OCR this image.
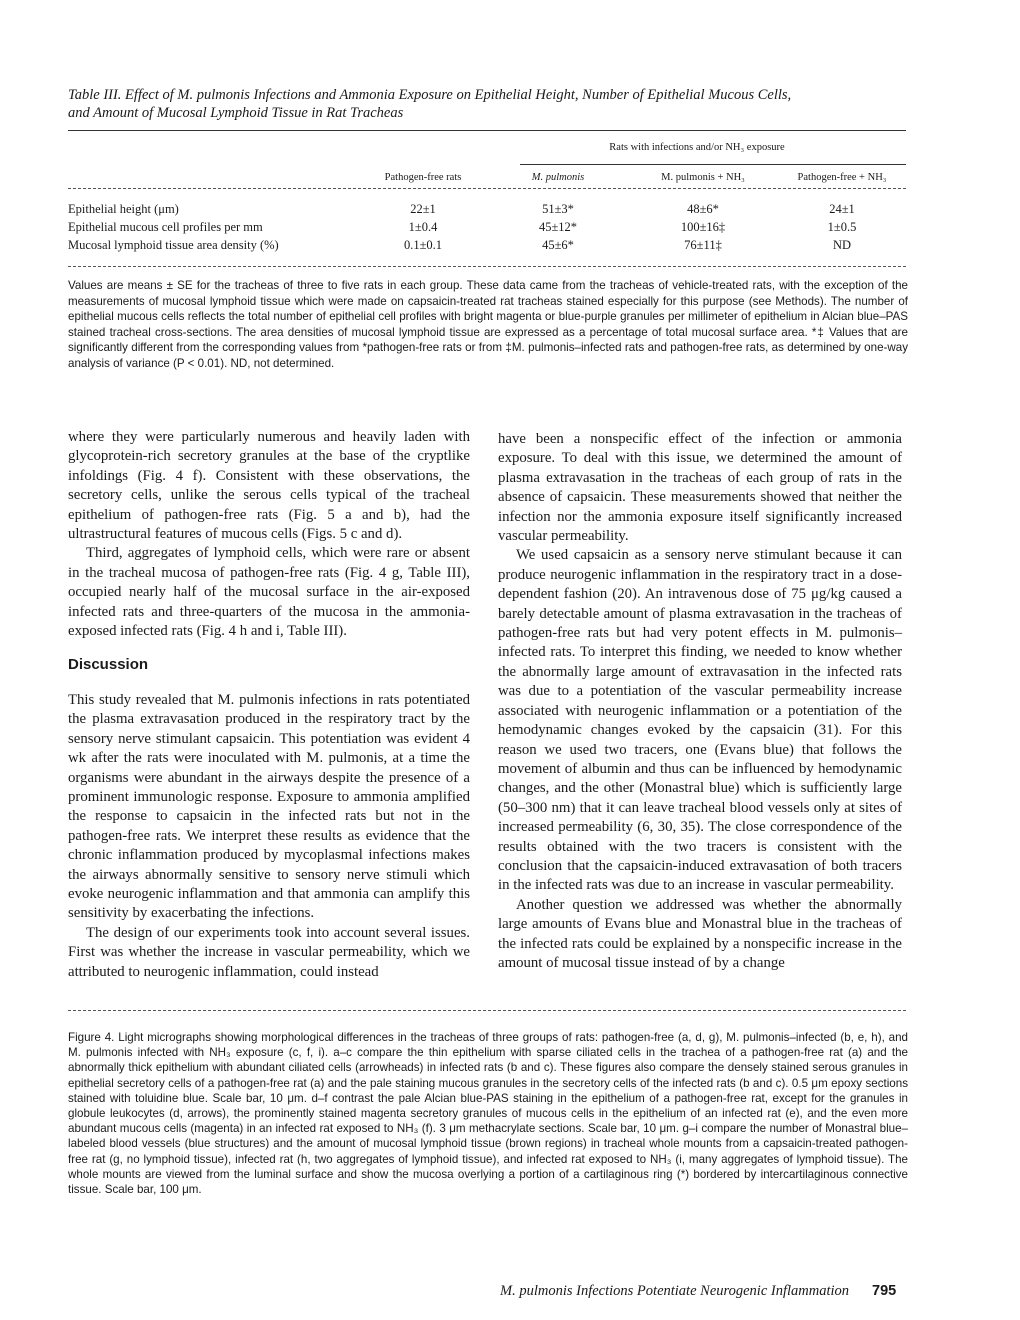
Table III. Effect of M. pulmonis Infections and Ammonia Exposure on Epithelial Height, Number of Epithelial Mucous Cells,
and Amount of Mucosal Lymphoid Tissue in Rat Tracheas
		Rats with infections and/or NH₃ exposure		
	Pathogen-free rats	M. pulmonis	M. pulmonis + NH₃	Pathogen-free + NH₃

Epithelial height (μm)	22±1	51±3*	48±6*	24±1
Epithelial mucous cell profiles per mm	1±0.4	45±12*	100±16‡	1±0.5
Mucosal lymphoid tissue area density (%)	0.1±0.1	45±6*	76±11‡	ND
Values are means ± SE for the tracheas of three to five rats in each group. These data came from the tracheas of vehicle-treated rats, with the exception of the measurements of mucosal lymphoid tissue which were made on capsaicin-treated rat tracheas stained especially for this purpose (see Methods). The number of epithelial mucous cells reflects the total number of epithelial cell profiles with bright magenta or blue-purple granules per millimeter of epithelium in Alcian blue–PAS stained tracheal cross-sections. The area densities of mucosal lymphoid tissue are expressed as a percentage of total mucosal surface area. *‡ Values that are significantly different from the corresponding values from *pathogen-free rats or from ‡M. pulmonis–infected rats and pathogen-free rats, as determined by one-way analysis of variance (P < 0.01). ND, not determined.

where they were particularly numerous and heavily laden with glycoprotein-rich secretory granules at the base of the cryptlike infoldings (Fig. 4 f). Consistent with these observations, the secretory cells, unlike the serous cells typical of the tracheal epithelium of pathogen-free rats (Fig. 5 a and b), had the ultrastructural features of mucous cells (Figs. 5 c and d).

Third, aggregates of lymphoid cells, which were rare or absent in the tracheal mucosa of pathogen-free rats (Fig. 4 g, Table III), occupied nearly half of the mucosal surface in the air-exposed infected rats and three-quarters of the mucosa in the ammonia-exposed infected rats (Fig. 4 h and i, Table III).

Discussion

This study revealed that M. pulmonis infections in rats potentiated the plasma extravasation produced in the respiratory tract by the sensory nerve stimulant capsaicin. This potentiation was evident 4 wk after the rats were inoculated with M. pulmonis, at a time the organisms were abundant in the airways despite the presence of a prominent immunologic response. Exposure to ammonia amplified the response to capsaicin in the infected rats but not in the pathogen-free rats. We interpret these results as evidence that the chronic inflammation produced by mycoplasmal infections makes the airways abnormally sensitive to sensory nerve stimuli which evoke neurogenic inflammation and that ammonia can amplify this sensitivity by exacerbating the infections.

The design of our experiments took into account several issues. First was whether the increase in vascular permeability, which we attributed to neurogenic inflammation, could instead

have been a nonspecific effect of the infection or ammonia exposure. To deal with this issue, we determined the amount of plasma extravasation in the tracheas of each group of rats in the absence of capsaicin. These measurements showed that neither the infection nor the ammonia exposure itself significantly increased vascular permeability.

We used capsaicin as a sensory nerve stimulant because it can produce neurogenic inflammation in the respiratory tract in a dose-dependent fashion (20). An intravenous dose of 75 μg/kg caused a barely detectable amount of plasma extravasation in the tracheas of pathogen-free rats but had very potent effects in M. pulmonis–infected rats. To interpret this finding, we needed to know whether the abnormally large amount of extravasation in the infected rats was due to a potentiation of the vascular permeability increase associated with neurogenic inflammation or a potentiation of the hemodynamic changes evoked by the capsaicin (31). For this reason we used two tracers, one (Evans blue) that follows the movement of albumin and thus can be influenced by hemodynamic changes, and the other (Monastral blue) which is sufficiently large (50–300 nm) that it can leave tracheal blood vessels only at sites of increased permeability (6, 30, 35). The close correspondence of the results obtained with the two tracers is consistent with the conclusion that the capsaicin-induced extravasation of both tracers in the infected rats was due to an increase in vascular permeability.

Another question we addressed was whether the abnormally large amounts of Evans blue and Monastral blue in the tracheas of the infected rats could be explained by a nonspecific increase in the amount of mucosal tissue instead of by a change

Figure 4. Light micrographs showing morphological differences in the tracheas of three groups of rats: pathogen-free (a, d, g), M. pulmonis–infected (b, e, h), and M. pulmonis infected with NH₃ exposure (c, f, i). a–c compare the thin epithelium with sparse ciliated cells in the trachea of a pathogen-free rat (a) and the abnormally thick epithelium with abundant ciliated cells (arrowheads) in infected rats (b and c). These figures also compare the densely stained serous granules in epithelial secretory cells of a pathogen-free rat (a) and the pale staining mucous granules in the secretory cells of the infected rats (b and c). 0.5 μm epoxy sections stained with toluidine blue. Scale bar, 10 μm. d–f contrast the pale Alcian blue-PAS staining in the epithelium of a pathogen-free rat, except for the granules in globule leukocytes (d, arrows), the prominently stained magenta secretory granules of mucous cells in the epithelium of an infected rat (e), and the even more abundant mucous cells (magenta) in an infected rat exposed to NH₃ (f). 3 μm methacrylate sections. Scale bar, 10 μm. g–i compare the number of Monastral blue–labeled blood vessels (blue structures) and the amount of mucosal lymphoid tissue (brown regions) in tracheal whole mounts from a capsaicin-treated pathogen-free rat (g, no lymphoid tissue), infected rat (h, two aggregates of lymphoid tissue), and infected rat exposed to NH₃ (i, many aggregates of lymphoid tissue). The whole mounts are viewed from the luminal surface and show the mucosa overlying a portion of a cartilaginous ring (*) bordered by intercartilaginous connective tissue. Scale bar, 100 μm.
M. pulmonis Infections Potentiate Neurogenic Inflammation 795
